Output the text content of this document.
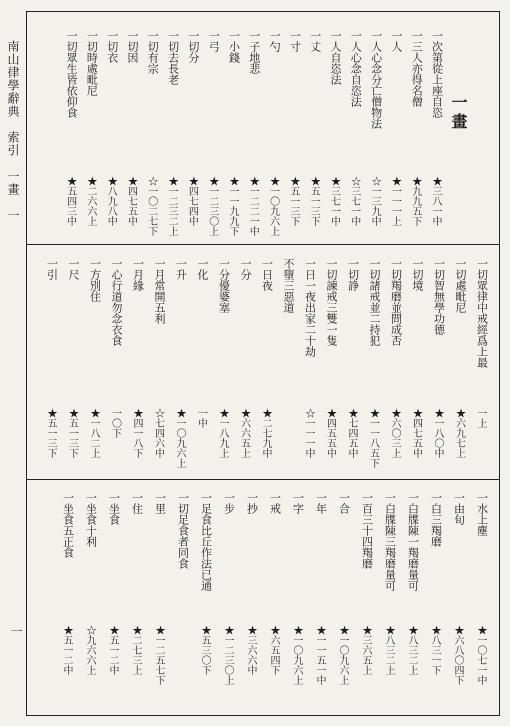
南山律學辭典　索引　一畫　一
一
一畫
一次第從上座自恣
★三八一中
一三人亦得名僧
★九九五下
一人
★一一一上
一人心念分亡僧物法
☆一三九中
一人心念自恣法
☆三七一中
一人自恣法
★三七一中
一丈
★五一三下
一寸
★五一三下
一勺
★一〇九六上
一子地悲
★一二二一中
一小錢
★一一九九下
一弓
★一二三〇上
一切分
★四七四中
一切去長老
★一二三二上
一切有宗
☆一〇二七下
一切因
★四七五中
一切衣
★八九八中
一切時處毗尼
★二六六上
一切眾生皆依仰食
★五四三中
一切眾律中戒經爲上最
一上
一切處毗尼
★六九七上
一切智無學功德
★一八〇中
一切境
★四七五中
一切羯磨並問成否
★六〇三上
一切諸戒並二持犯
★一一八五下
一切諍
★七四五中
一切諫戒三雙一隻
★四五五中
一日一夜出家二十劫
☆一一一中
不墮三惡道
一日夜
★二七九中
一分
★六六五上
一分優婆塞
★一八九上
一化
一中
一升
★一〇九六上
一月常開五利
☆七四六中
一月緣
★四一八下
一心行道勿念衣食
一〇下
一方別住
★一八二上
一尺
★五一三下
一引
★五一三下
一水上塵
★一〇七一中
一由旬
★六八〇四下
一白三羯磨
★八三一下
一白牒陳一羯磨量可
★八三二上
一白牒陳三羯磨量可
★八三二上
一百三十四羯磨
★三六五上
一合
★一〇九六上
一年
★一一五一中
一字
★一〇九六上
一戒
★六五四下
一抄
★三六六中
一步
★一二三〇上
一足食比丘作法已通
★五三〇下
一切足食者同食
一里
★一二五七下
一住
★二七三上
一坐食
★五一二中
一坐食十利
☆九六六上
一坐食五正食
★五一二中
